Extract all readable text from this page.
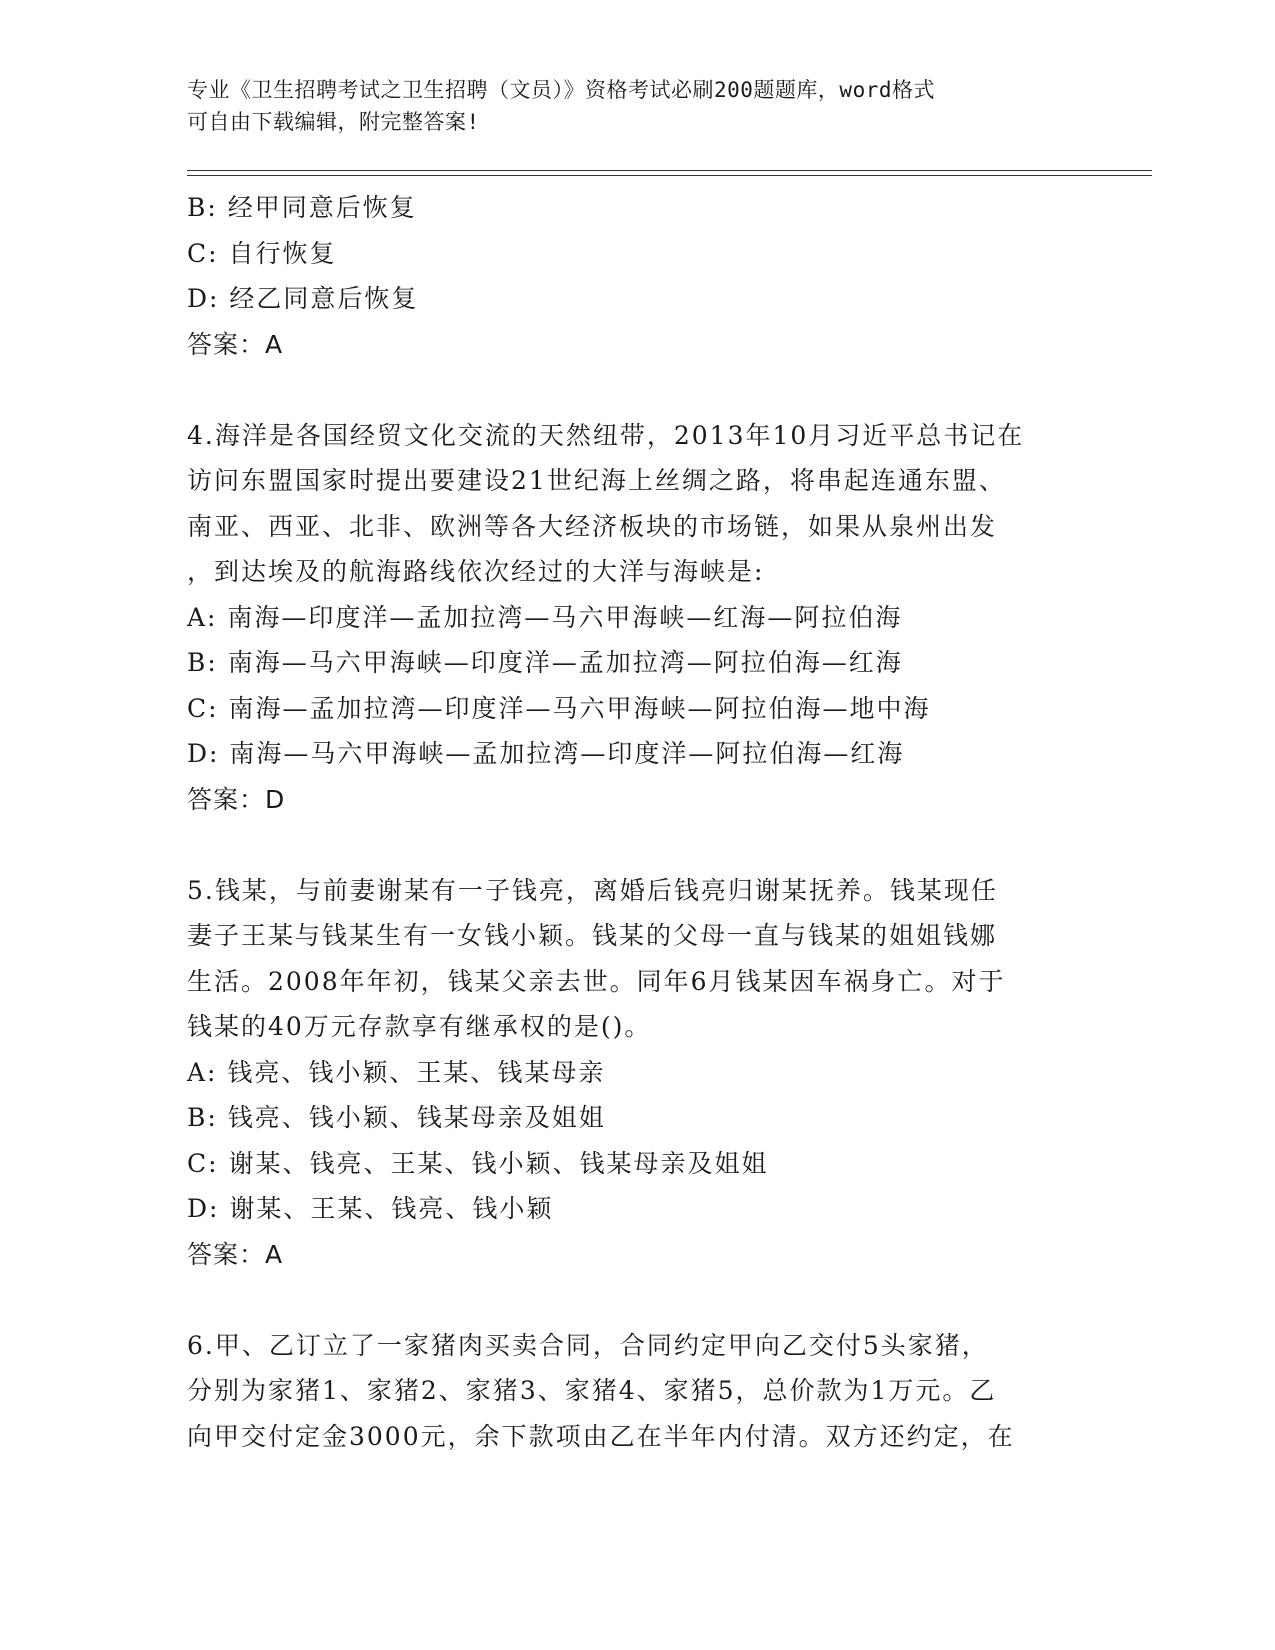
专业《卫生招聘考试之卫生招聘（文员）》资格考试必刷200题题库，word格式
可自由下载编辑，附完整答案!
B: 经甲同意后恢复
C: 自行恢复
D: 经乙同意后恢复
答案：A
4.海洋是各国经贸文化交流的天然纽带，2013年10月习近平总书记在
访问东盟国家时提出要建设21世纪海上丝绸之路，将串起连通东盟、
南亚、西亚、北非、欧洲等各大经济板块的市场链，如果从泉州出发
，到达埃及的航海路线依次经过的大洋与海峡是:
A: 南海—印度洋—孟加拉湾—马六甲海峡—红海—阿拉伯海
B: 南海—马六甲海峡—印度洋—孟加拉湾—阿拉伯海—红海
C: 南海—孟加拉湾—印度洋—马六甲海峡—阿拉伯海—地中海
D: 南海—马六甲海峡—孟加拉湾—印度洋—阿拉伯海—红海
答案：D
5.钱某，与前妻谢某有一子钱亮，离婚后钱亮归谢某抚养。钱某现任
妻子王某与钱某生有一女钱小颖。钱某的父母一直与钱某的姐姐钱娜
生活。2008年年初，钱某父亲去世。同年6月钱某因车祸身亡。对于
钱某的40万元存款享有继承权的是()。
A: 钱亮、钱小颖、王某、钱某母亲
B: 钱亮、钱小颖、钱某母亲及姐姐
C: 谢某、钱亮、王某、钱小颖、钱某母亲及姐姐
D: 谢某、王某、钱亮、钱小颖
答案：A
6.甲、乙订立了一家猪肉买卖合同，合同约定甲向乙交付5头家猪，
分别为家猪1、家猪2、家猪3、家猪4、家猪5，总价款为1万元。乙
向甲交付定金3000元，余下款项由乙在半年内付清。双方还约定，在
